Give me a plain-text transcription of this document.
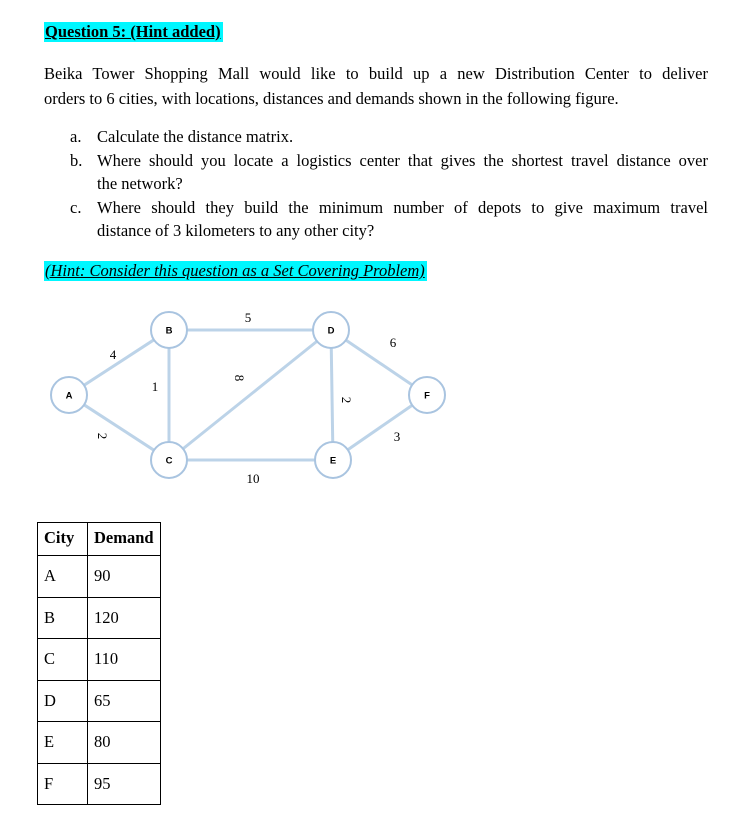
Question 5: (Hint added)
Beika Tower Shopping Mall would like to build up a new Distribution Center to deliver
orders to 6 cities, with locations, distances and demands shown in the following figure.
a. Calculate the distance matrix.
b. Where should you locate a logistics center that gives the shortest travel distance over
the network?
c. Where should they build the minimum number of depots to give maximum travel
distance of 3 kilometers to any other city?
(Hint: Consider this question as a Set Covering Problem)
4
2
1
5
8
10
2
6
3
A
B
C
D
E
F
City	Demand
A	90
B	120
C	110
D	65
E	80
F	95
